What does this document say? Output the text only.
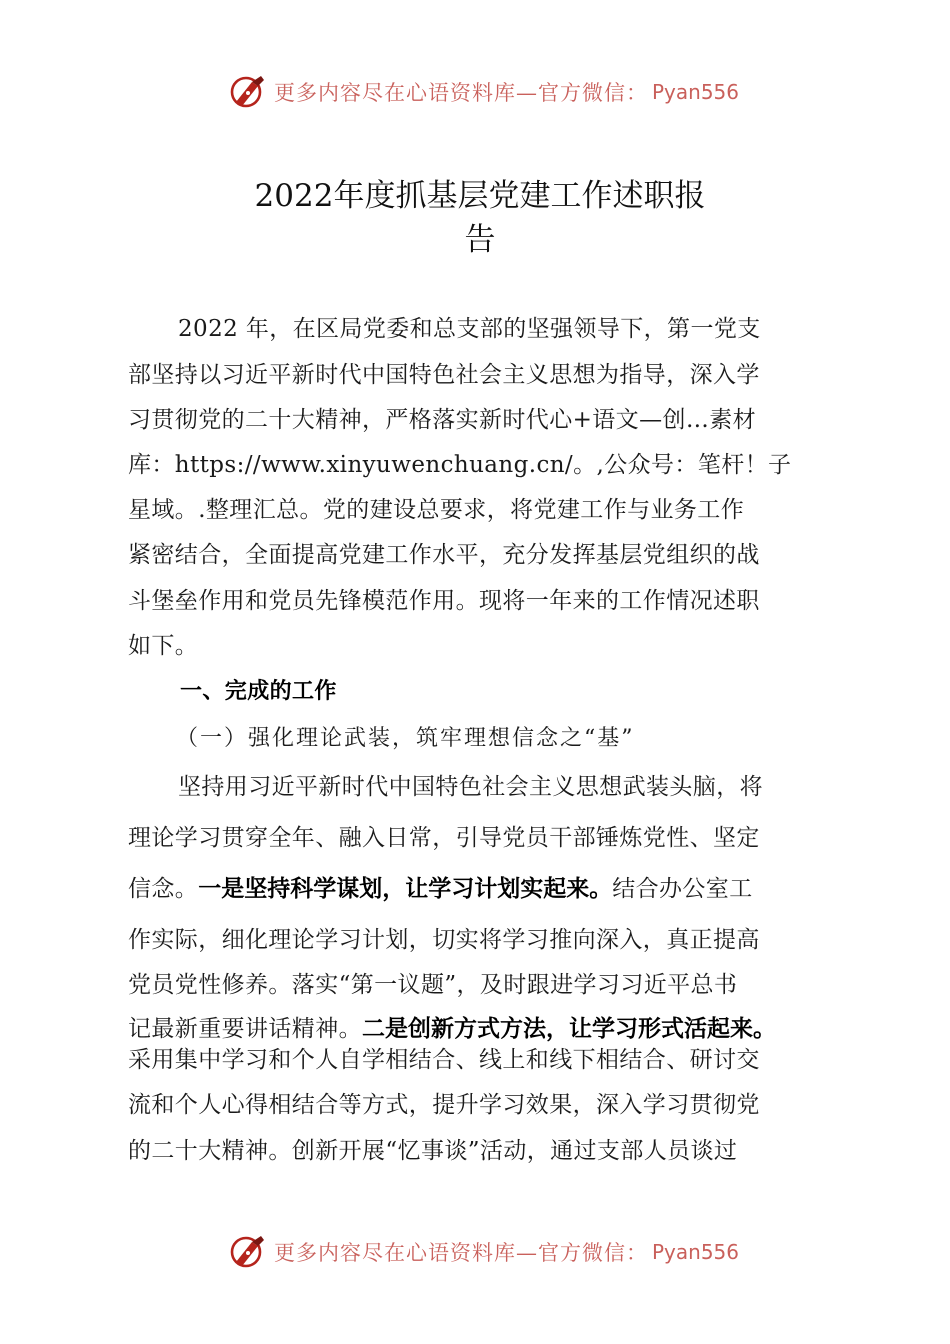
更多内容尽在心语资料库—官方微信： Pyan556
2022年度抓基层党建工作述职报
告
2022 年，在区局党委和总支部的坚强领导下，第一党支
部坚持以习近平新时代中国特色社会主义思想为指导，深入学
习贯彻党的二十大精神，严格落实新时代心+语文—创…素材
库：https://www.xinyuwenchuang.cn/。,公众号：笔杆！子
星域。.整理汇总。党的建设总要求，将党建工作与业务工作
紧密结合，全面提高党建工作水平，充分发挥基层党组织的战
斗堡垒作用和党员先锋模范作用。现将一年来的工作情况述职
如下。
一、完成的工作
（一）强化理论武装，筑牢理想信念之“基”
坚持用习近平新时代中国特色社会主义思想武装头脑，将
理论学习贯穿全年、融入日常，引导党员干部锤炼党性、坚定
信念。一是坚持科学谋划，让学习计划实起来。结合办公室工
作实际，细化理论学习计划，切实将学习推向深入，真正提高
党员党性修养。落实“第一议题”，及时跟进学习习近平总书
记最新重要讲话精神。二是创新方式方法，让学习形式活起来。
采用集中学习和个人自学相结合、线上和线下相结合、研讨交
流和个人心得相结合等方式，提升学习效果，深入学习贯彻党
的二十大精神。创新开展“忆事谈”活动，通过支部人员谈过
更多内容尽在心语资料库—官方微信： Pyan556
